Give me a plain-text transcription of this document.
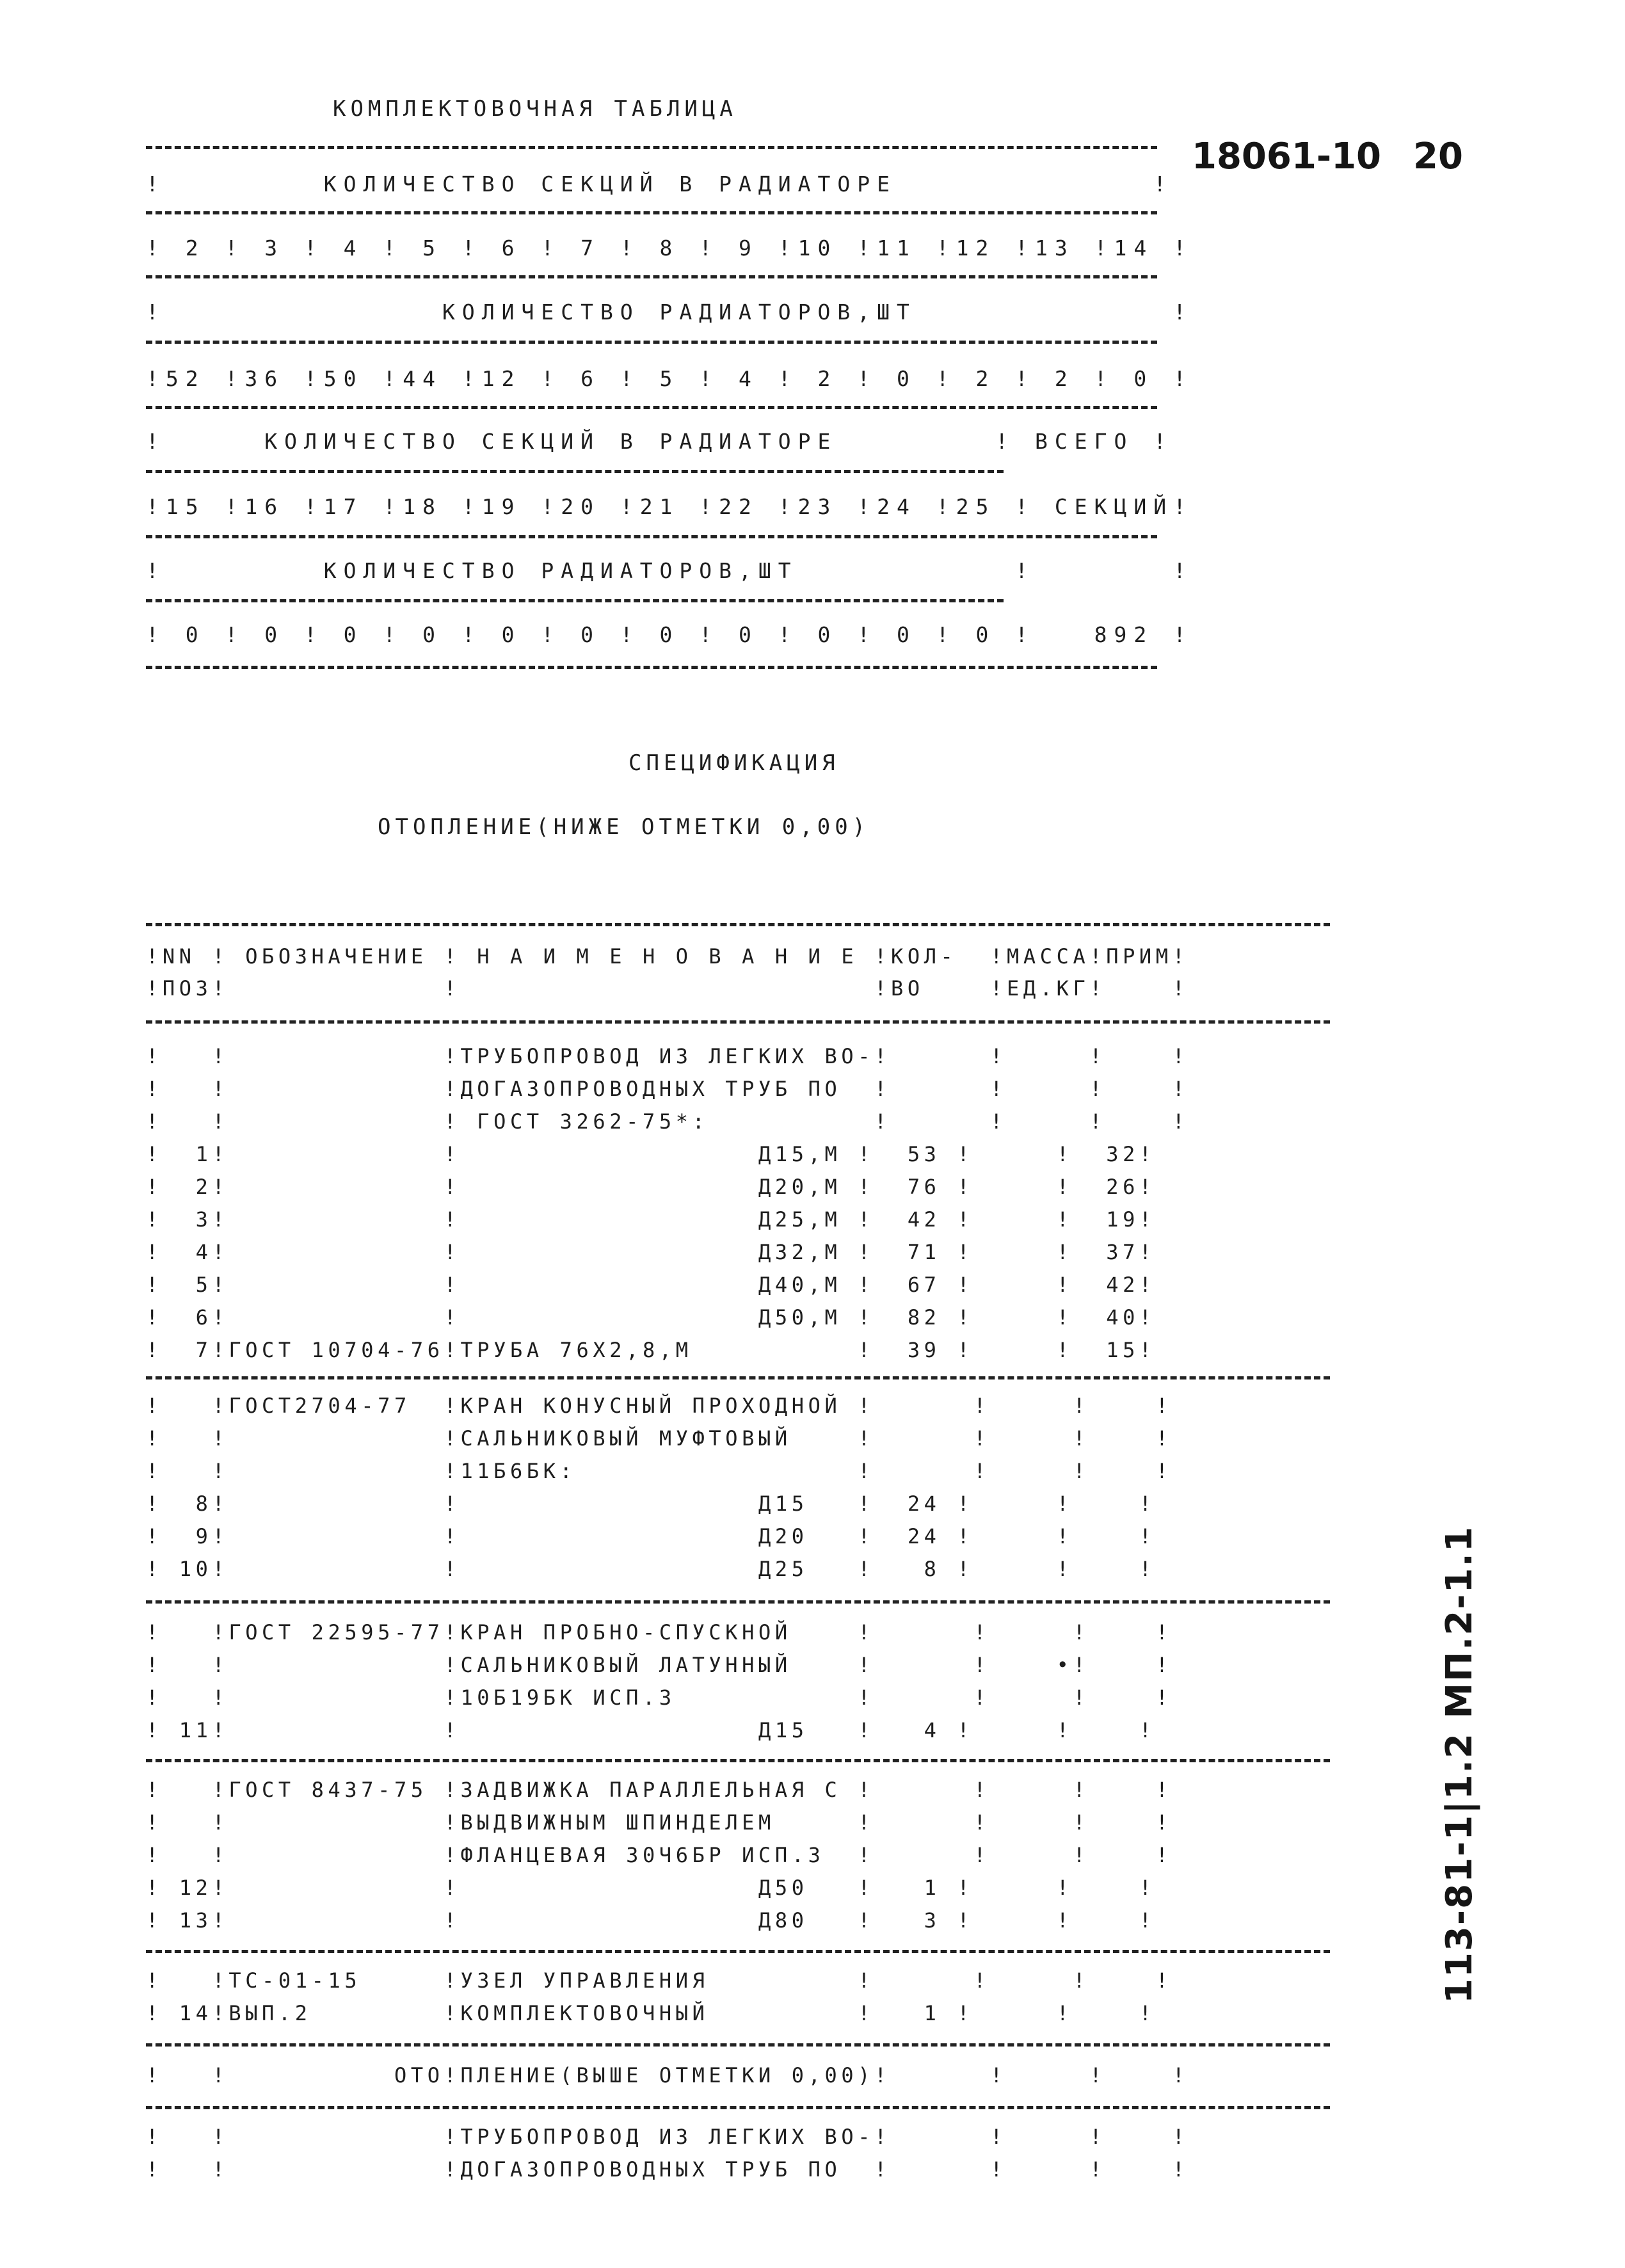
КОМПЛЕКТОВОЧНАЯ ТАБЛИЦА
18061-10 20
!        КОЛИЧЕСТВО СЕКЦИЙ В РАДИАТОРЕ             !
! 2 ! 3 ! 4 ! 5 ! 6 ! 7 ! 8 ! 9 !10 !11 !12 !13 !14 !
!              КОЛИЧЕСТВО РАДИАТОРОВ,ШТ             !
!52 !36 !50 !44 !12 ! 6 ! 5 ! 4 ! 2 ! 0 ! 2 ! 2 ! 0 !
!     КОЛИЧЕСТВО СЕКЦИЙ В РАДИАТОРЕ        ! ВСЕГО !
!15 !16 !17 !18 !19 !20 !21 !22 !23 !24 !25 ! СЕКЦИЙ!
!        КОЛИЧЕСТВО РАДИАТОРОВ,ШТ           !       !
! 0 ! 0 ! 0 ! 0 ! 0 ! 0 ! 0 ! 0 ! 0 ! 0 ! 0 !   892 !
СПЕЦИФИКАЦИЯ
ОТОПЛЕНИЕ(НИЖЕ ОТМЕТКИ 0,00)
!NN ! ОБОЗНАЧЕНИЕ ! Н А И М Е Н О В А Н И Е !КОЛ-  !МАССА!ПРИМ!
!ПОЗ!             !                         !ВО    !ЕД.КГ!    !
!   !             !ТРУБОПРОВОД ИЗ ЛЕГКИХ ВО-!      !     !    !
!   !             !ДОГАЗОПРОВОДНЫХ ТРУБ ПО  !      !     !    !
!   !             ! ГОСТ 3262-75*:          !      !     !    !
!  1!             !                  Д15,М !  53 !     !  32!
!  2!             !                  Д20,М !  76 !     !  26!
!  3!             !                  Д25,М !  42 !     !  19!
!  4!             !                  Д32,М !  71 !     !  37!
!  5!             !                  Д40,М !  67 !     !  42!
!  6!             !                  Д50,М !  82 !     !  40!
!  7!ГОСТ 10704-76!ТРУБА 76Х2,8,М          !  39 !     !  15!
!   !ГОСТ2704-77  !КРАН КОНУСНЫЙ ПРОХОДНОЙ !      !     !    !
!   !             !САЛЬНИКОВЫЙ МУФТОВЫЙ    !      !     !    !
!   !             !11Б6БК:                 !      !     !    !
!  8!             !                  Д15   !  24 !     !    !
!  9!             !                  Д20   !  24 !     !    !
! 10!             !                  Д25   !   8 !     !    !
!   !ГОСТ 22595-77!КРАН ПРОБНО-СПУСКНОЙ    !      !     !    !
!   !             !САЛЬНИКОВЫЙ ЛАТУННЫЙ    !      !    •!    !
!   !             !10Б19БК ИСП.3           !      !     !    !
! 11!             !                  Д15   !   4 !     !    !
!   !ГОСТ 8437-75 !ЗАДВИЖКА ПАРАЛЛЕЛЬНАЯ С !      !     !    !
!   !             !ВЫДВИЖНЫМ ШПИНДЕЛЕМ     !      !     !    !
!   !             !ФЛАНЦЕВАЯ 30Ч6БР ИСП.3  !      !     !    !
! 12!             !                  Д50   !   1 !     !    !
! 13!             !                  Д80   !   3 !     !    !
!   !ТС-01-15     !УЗЕЛ УПРАВЛЕНИЯ         !      !     !    !
! 14!ВЫП.2        !КОМПЛЕКТОВОЧНЫЙ         !   1 !     !    !
!   !          ОТО!ПЛЕНИЕ(ВЫШЕ ОТМЕТКИ 0,00)!      !     !    !
!   !             !ТРУБОПРОВОД ИЗ ЛЕГКИХ ВО-!      !     !    !
!   !             !ДОГАЗОПРОВОДНЫХ ТРУБ ПО  !      !     !    !
113-81-1|1.2 МП.2-1.1
